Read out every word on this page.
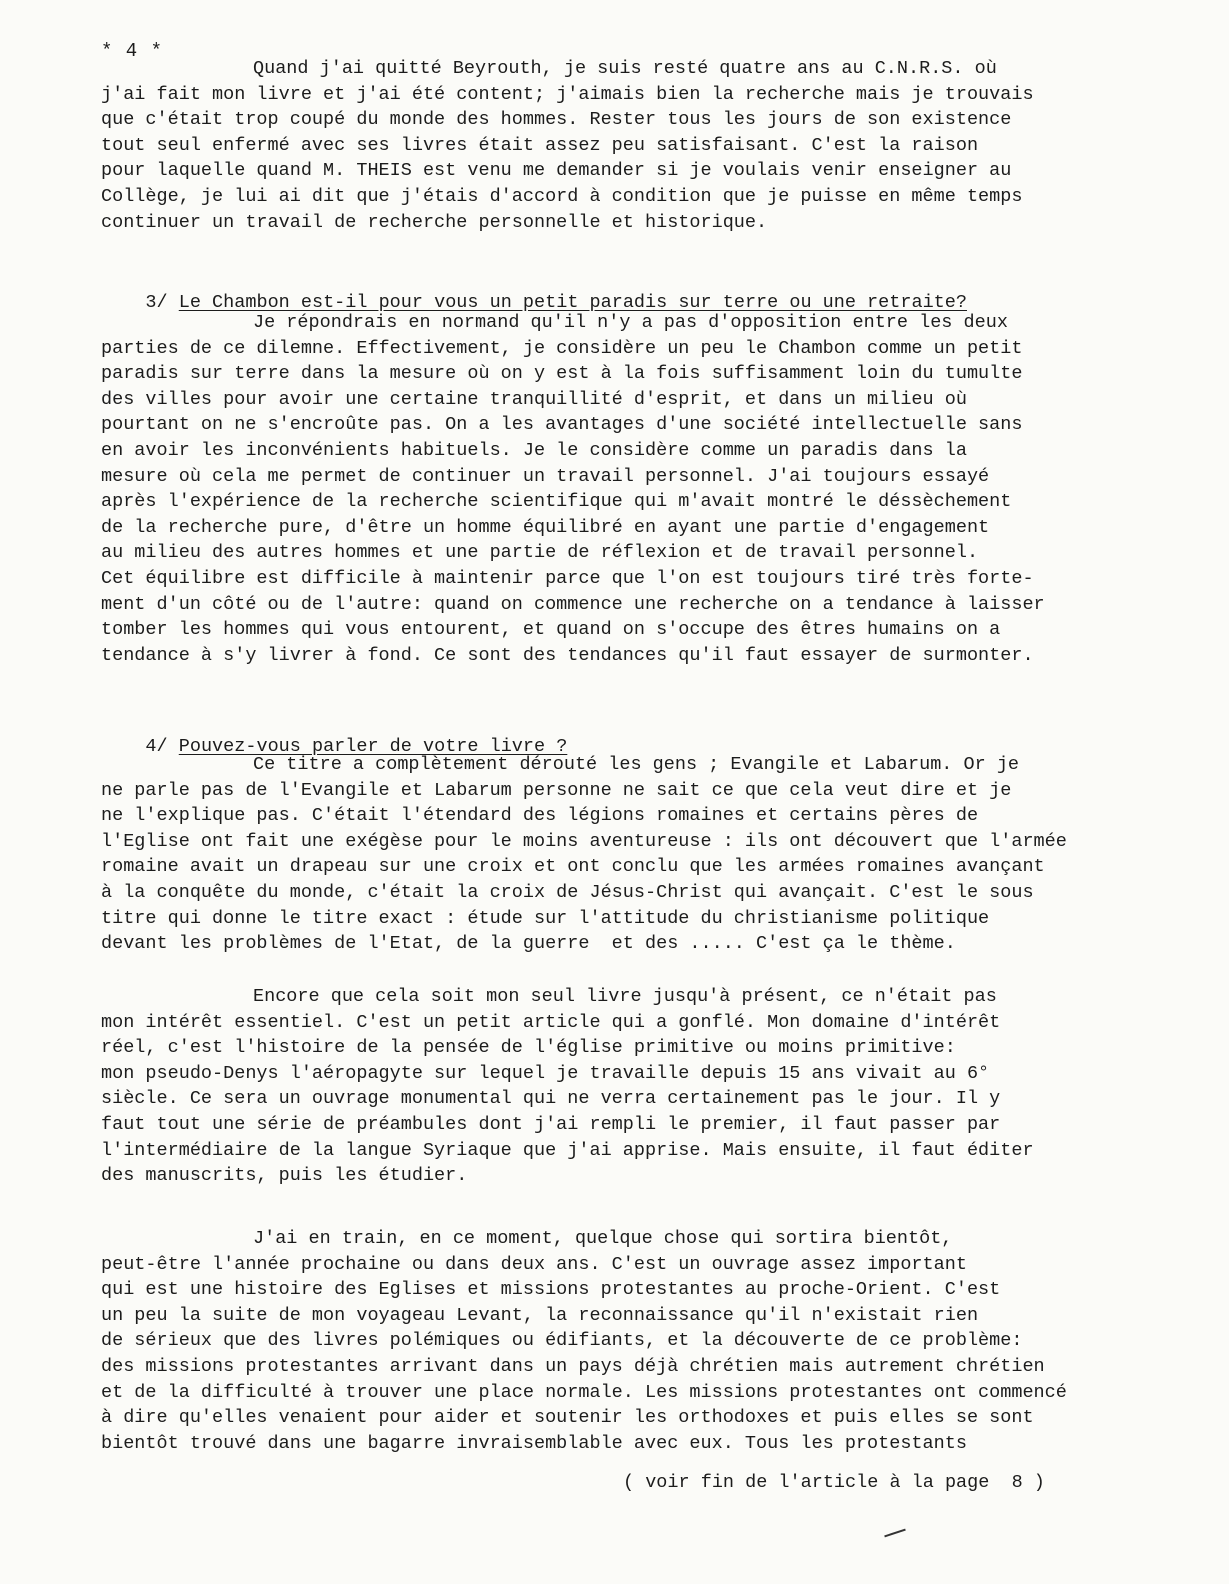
* 4 *
Quand j'ai quitté Beyrouth, je suis resté quatre ans au C.N.R.S. où
j'ai fait mon livre et j'ai été content; j'aimais bien la recherche mais je trouvais
que c'était trop coupé du monde des hommes. Rester tous les jours de son existence
tout seul enfermé avec ses livres était assez peu satisfaisant. C'est la raison
pour laquelle quand M. THEIS est venu me demander si je voulais venir enseigner au
Collège, je lui ai dit que j'étais d'accord à condition que je puisse en même temps
continuer un travail de recherche personnelle et historique.

3/ Le Chambon est-il pour vous un petit paradis sur terre ou une retraite?

Je répondrais en normand qu'il n'y a pas d'opposition entre les deux
parties de ce dilemne. Effectivement, je considère un peu le Chambon comme un petit
paradis sur terre dans la mesure où on y est à la fois suffisamment loin du tumulte
des villes pour avoir une certaine tranquillité d'esprit, et dans un milieu où
pourtant on ne s'encroûte pas. On a les avantages d'une société intellectuelle sans
en avoir les inconvénients habituels. Je le considère comme un paradis dans la
mesure où cela me permet de continuer un travail personnel. J'ai toujours essayé
après l'expérience de la recherche scientifique qui m'avait montré le déssèchement
de la recherche pure, d'être un homme équilibré en ayant une partie d'engagement
au milieu des autres hommes et une partie de réflexion et de travail personnel.
Cet équilibre est difficile à maintenir parce que l'on est toujours tiré très forte-
ment d'un côté ou de l'autre: quand on commence une recherche on a tendance à laisser
tomber les hommes qui vous entourent, et quand on s'occupe des êtres humains on a
tendance à s'y livrer à fond. Ce sont des tendances qu'il faut essayer de surmonter.

4/ Pouvez-vous parler de votre livre ?

Ce titre a complètement dérouté les gens ; Evangile et Labarum. Or je
ne parle pas de l'Evangile et Labarum personne ne sait ce que cela veut dire et je
ne l'explique pas. C'était l'étendard des légions romaines et certains pères de
l'Eglise ont fait une exégèse pour le moins aventureuse : ils ont découvert que l'armée
romaine avait un drapeau sur une croix et ont conclu que les armées romaines avançant
à la conquête du monde, c'était la croix de Jésus-Christ qui avançait. C'est le sous
titre qui donne le titre exact : étude sur l'attitude du christianisme politique
devant les problèmes de l'Etat, de la guerre  et des ..... C'est ça le thème.
Encore que cela soit mon seul livre jusqu'à présent, ce n'était pas
mon intérêt essentiel. C'est un petit article qui a gonflé. Mon domaine d'intérêt
réel, c'est l'histoire de la pensée de l'église primitive ou moins primitive:
mon pseudo-Denys l'aéropagyte sur lequel je travaille depuis 15 ans vivait au 6°
siècle. Ce sera un ouvrage monumental qui ne verra certainement pas le jour. Il y
faut tout une série de préambules dont j'ai rempli le premier, il faut passer par
l'intermédiaire de la langue Syriaque que j'ai apprise. Mais ensuite, il faut éditer
des manuscrits, puis les étudier.
J'ai en train, en ce moment, quelque chose qui sortira bientôt,
peut-être l'année prochaine ou dans deux ans. C'est un ouvrage assez important
qui est une histoire des Eglises et missions protestantes au proche-Orient. C'est
un peu la suite de mon voyageau Levant, la reconnaissance qu'il n'existait rien
de sérieux que des livres polémiques ou édifiants, et la découverte de ce problème:
des missions protestantes arrivant dans un pays déjà chrétien mais autrement chrétien
et de la difficulté à trouver une place normale. Les missions protestantes ont commencé
à dire qu'elles venaient pour aider et soutenir les orthodoxes et puis elles se sont
bientôt trouvé dans une bagarre invraisemblable avec eux. Tous les protestants
( voir fin de l'article à la page  8 )
